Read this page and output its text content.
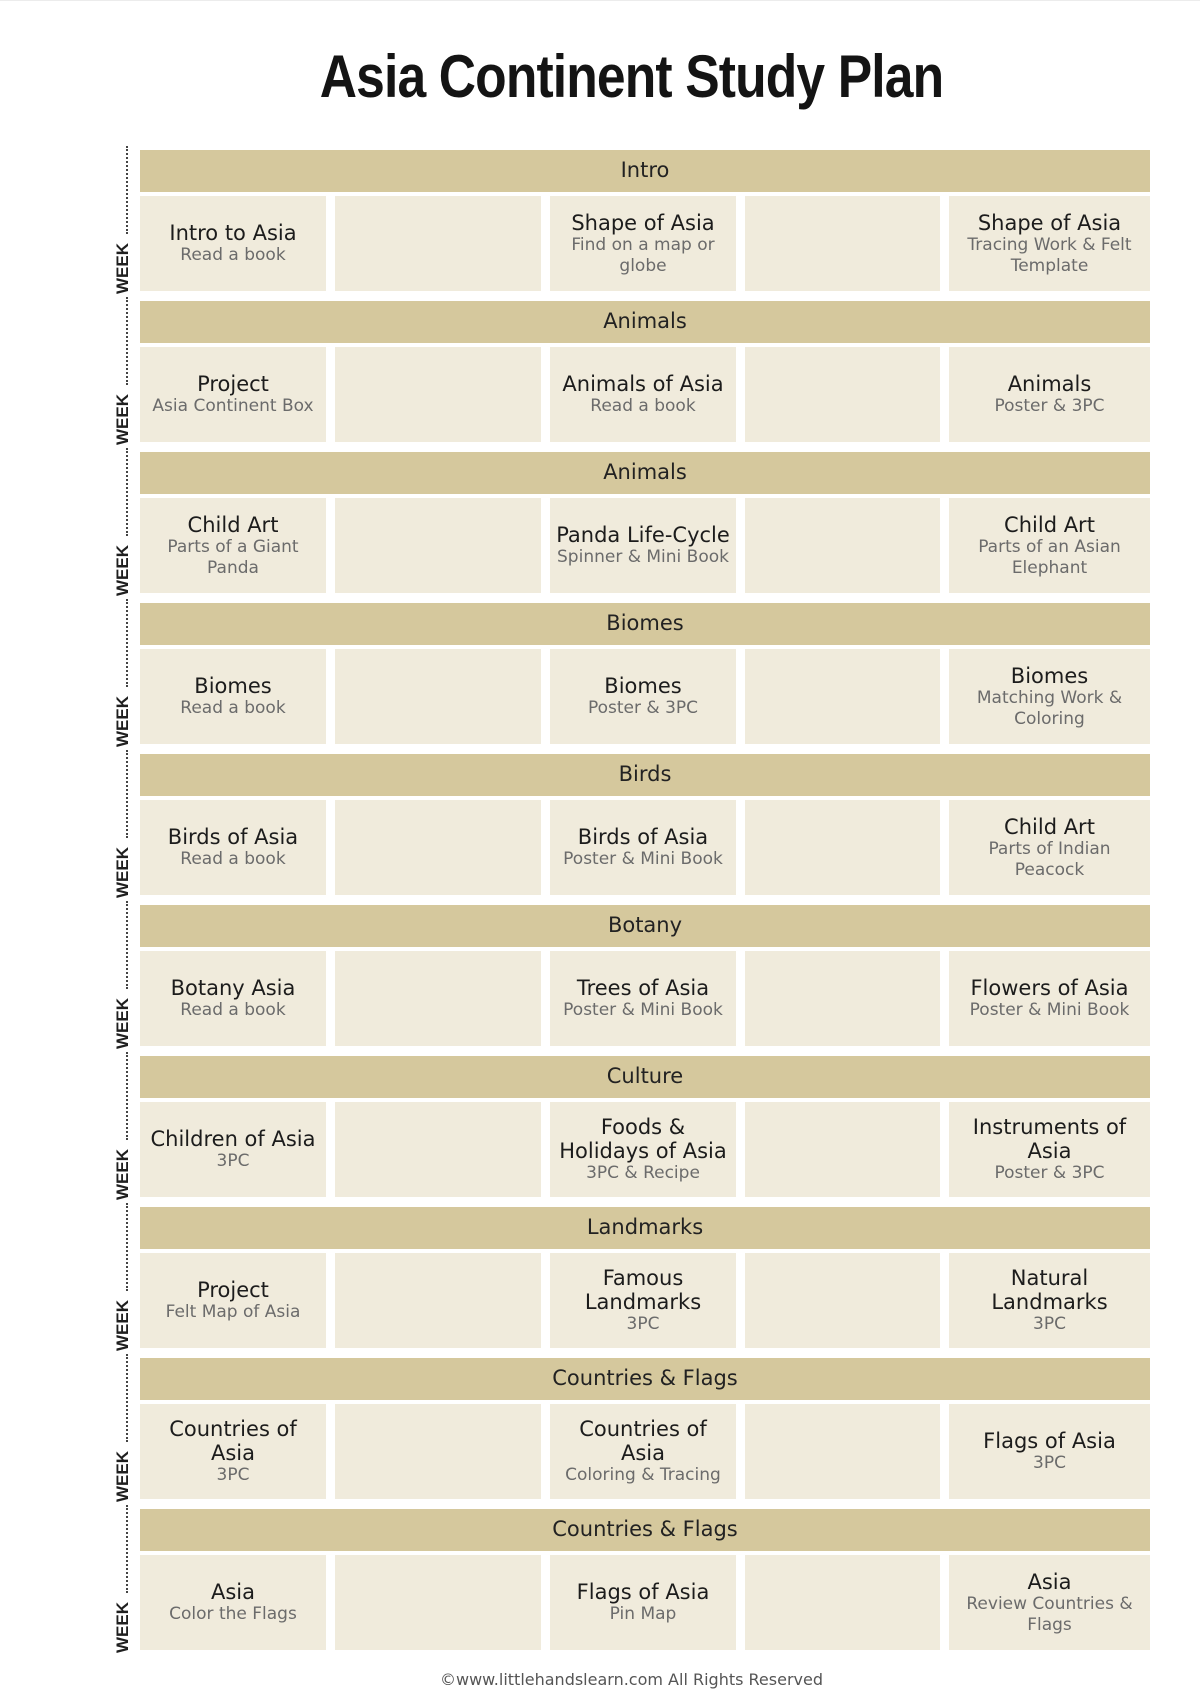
Asia Continent Study Plan
WEEK
Intro
Intro to Asia
Read a book
Shape of Asia
Find on a map or globe
Shape of Asia
Tracing Work & Felt Template
WEEK
Animals
Project
Asia Continent Box
Animals of Asia
Read a book
Animals
Poster & 3PC
WEEK
Animals
Child Art
Parts of a Giant Panda
Panda Life-Cycle
Spinner & Mini Book
Child Art
Parts of an Asian Elephant
WEEK
Biomes
Biomes
Read a book
Biomes
Poster & 3PC
Biomes
Matching Work & Coloring
WEEK
Birds
Birds of Asia
Read a book
Birds of Asia
Poster & Mini Book
Child Art
Parts of Indian Peacock
WEEK
Botany
Botany Asia
Read a book
Trees of Asia
Poster & Mini Book
Flowers of Asia
Poster & Mini Book
WEEK
Culture
Children of Asia
3PC
Foods & Holidays of Asia
3PC & Recipe
Instruments of Asia
Poster & 3PC
WEEK
Landmarks
Project
Felt Map of Asia
Famous Landmarks
3PC
Natural Landmarks
3PC
WEEK
Countries & Flags
Countries of Asia
3PC
Countries of Asia
Coloring & Tracing
Flags of Asia
3PC
WEEK
Countries & Flags
Asia
Color the Flags
Flags of Asia
Pin Map
Asia
Review Countries & Flags
©www.littlehandslearn.com All Rights Reserved
